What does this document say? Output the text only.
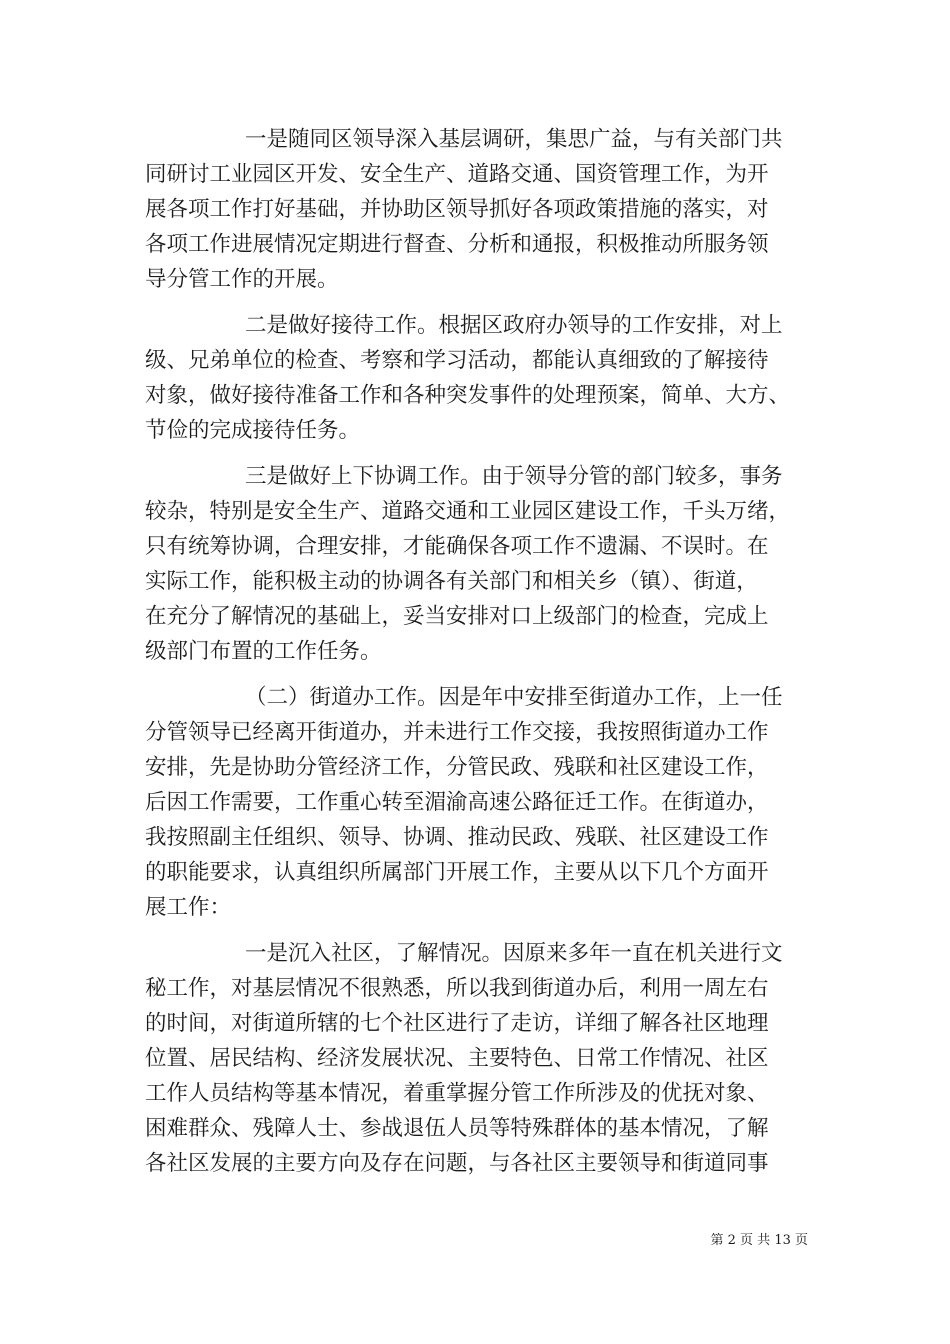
一是随同区领导深入基层调研，集思广益，与有关部门共
同研讨工业园区开发、安全生产、道路交通、国资管理工作，为开
展各项工作打好基础，并协助区领导抓好各项政策措施的落实，对
各项工作进展情况定期进行督查、分析和通报，积极推动所服务领
导分管工作的开展。
二是做好接待工作。根据区政府办领导的工作安排，对上
级、兄弟单位的检查、考察和学习活动，都能认真细致的了解接待
对象，做好接待准备工作和各种突发事件的处理预案，简单、大方、
节俭的完成接待任务。
三是做好上下协调工作。由于领导分管的部门较多，事务
较杂，特别是安全生产、道路交通和工业园区建设工作，千头万绪，
只有统筹协调，合理安排，才能确保各项工作不遗漏、不误时。在
实际工作，能积极主动的协调各有关部门和相关乡（镇）、街道，
在充分了解情况的基础上，妥当安排对口上级部门的检查，完成上
级部门布置的工作任务。
（二）街道办工作。因是年中安排至街道办工作，上一任
分管领导已经离开街道办，并未进行工作交接，我按照街道办工作
安排，先是协助分管经济工作，分管民政、残联和社区建设工作，
后因工作需要，工作重心转至湄渝高速公路征迁工作。在街道办，
我按照副主任组织、领导、协调、推动民政、残联、社区建设工作
的职能要求，认真组织所属部门开展工作，主要从以下几个方面开
展工作：
一是沉入社区，了解情况。因原来多年一直在机关进行文
秘工作，对基层情况不很熟悉，所以我到街道办后，利用一周左右
的时间，对街道所辖的七个社区进行了走访，详细了解各社区地理
位置、居民结构、经济发展状况、主要特色、日常工作情况、社区
工作人员结构等基本情况，着重掌握分管工作所涉及的优抚对象、
困难群众、残障人士、参战退伍人员等特殊群体的基本情况，了解
各社区发展的主要方向及存在问题，与各社区主要领导和街道同事
第 2 页 共 13 页
